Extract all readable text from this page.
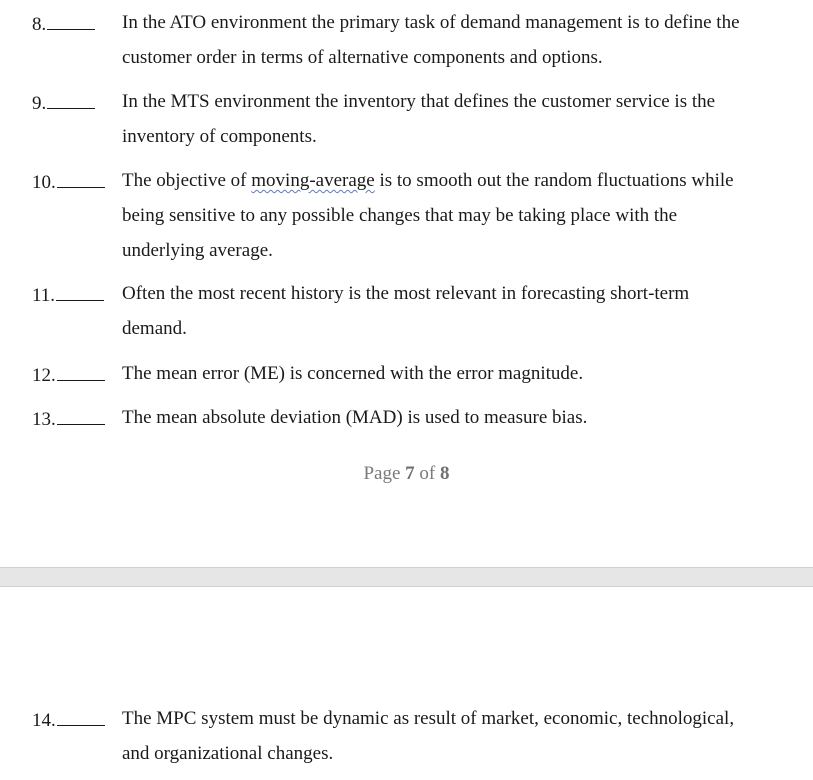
8.	In the ATO environment the primary task of demand management is to define the
customer order in terms of alternative components and options.
9.	In the MTS environment the inventory that defines the customer service is the
inventory of components.
10.	The objective of moving-average is to smooth out the random fluctuations while
being sensitive to any possible changes that may be taking place with the
underlying average.
11.	Often the most recent history is the most relevant in forecasting short-term
demand.
12.	The mean error (ME) is concerned with the error magnitude.
13.	The mean absolute deviation (MAD) is used to measure bias.
Page 7 of 8
14.	The MPC system must be dynamic as result of market, economic, technological,
and organizational changes.
